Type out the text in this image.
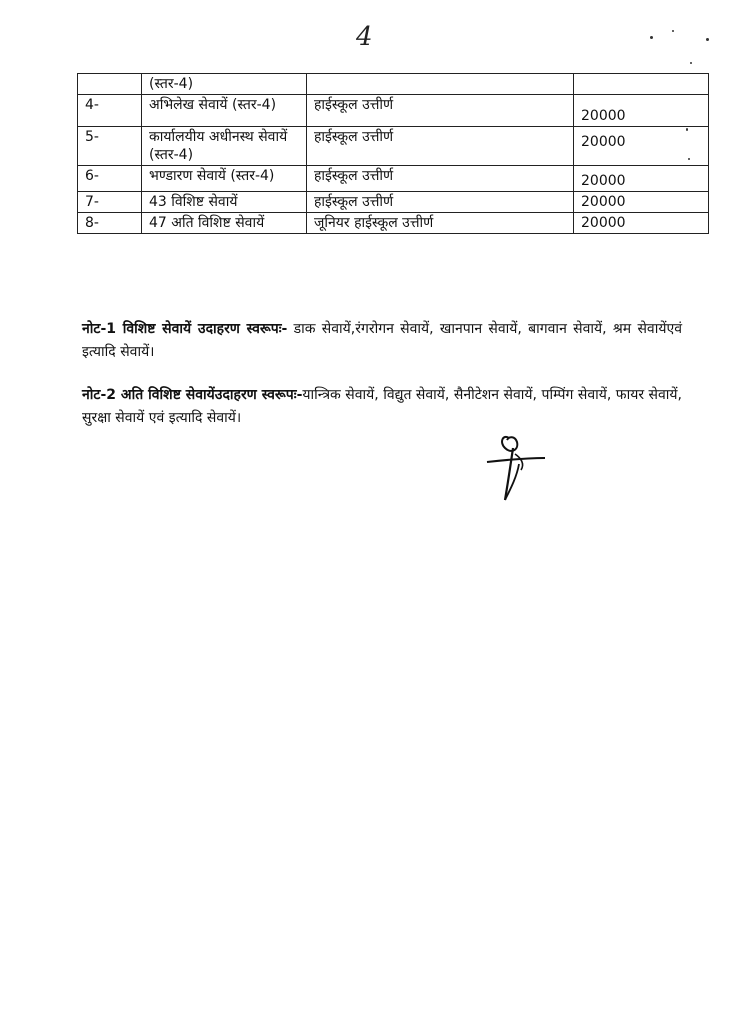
4
	(स्तर-4)		
4-	अभिलेख सेवायें (स्तर-4)	हाईस्कूल उत्तीर्ण	20000
5-	कार्यालयीय अधीनस्थ सेवायें (स्तर-4)	हाईस्कूल उत्तीर्ण	20000
6-	भण्डारण सेवायें (स्तर-4)	हाईस्कूल उत्तीर्ण	20000
7-	43 विशिष्ट सेवायें	हाईस्कूल उत्तीर्ण	20000
8-	47 अति विशिष्ट सेवायें	जूनियर हाईस्कूल उत्तीर्ण	20000
नोट-1 विशिष्ट सेवायें उदाहरण स्वरूपः- डाक सेवायें,रंगरोगन सेवायें, खानपान सेवायें, बागवान सेवायें, श्रम सेवायेंएवं इत्यादि सेवायें।
नोट-2 अति विशिष्ट सेवायेंउदाहरण स्वरूपः-यान्त्रिक सेवायें, विद्युत सेवायें, सैनीटेशन सेवायें, पम्पिंग सेवायें, फायर सेवायें, सुरक्षा सेवायें एवं इत्यादि सेवायें।
